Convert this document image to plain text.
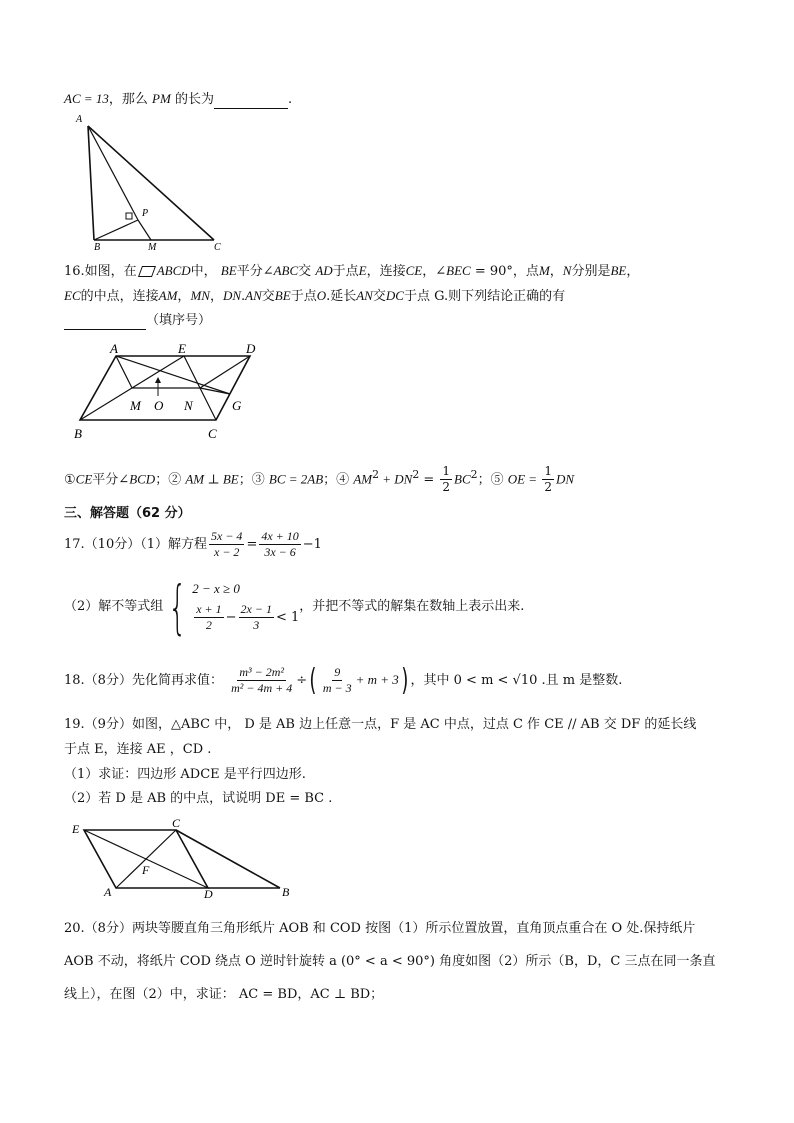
AC = 13，那么 PM 的长为	.
A
P
B	M	C
16.如图，在 ABCD中， BE平分∠ABC交 AD于点E，连接CE，∠BEC = 90°，点M，N分别是BE，
EC的中点，连接AM，MN，DN.AN交BE于点O.延长AN交DC于点 G.则下列结论正确的有
（填序号）
A	E	D
M O N	G
B	C
①CE平分∠BCD；② AM ⊥ BE；③ BC = 2AB；④ $AM^2 + DN^2 = \frac{1}{2} BC^2$；⑤ OE = $\frac{1}{2}$ DN
三、解答题（62 分）
17.（10分）（1）解方程 $\frac{5x - 4}{x - 2} = \frac{4x + 10}{3x - 6} -1$
（2）解不等式组{ 2 − x ≥ 0
$\frac{x + 1}{2} - \frac{2x - 1}{3} < 1$
，并把不等式的解集在数轴上表示出来.
18.（8分）先化简再求值： $\frac{\text{m³ − 2m²}}{\text{m² − 4m + 4}}$ ÷( $\frac{9}{m - 3} + m + 3$) ，其中 0 < m < √10 .且 m 是整数.
19.（9分）如图，△ABC 中， D 是 AB 边上任意一点，F 是 AC 中点，过点 C 作 CE // AB 交 DF 的延长线
于点 E，连接 AE ，CD .
（1）求证：四边形 ADCE 是平行四边形.
（2）若 D 是 AB 的中点，试说明 DE = BC .
E	C
F
A	D	B
20.（8分）两块等腰直角三角形纸片 AOB 和 COD 按图（1）所示位置放置，直角顶点重合在 O 处.保持纸片
AOB 不动，将纸片 COD 绕点 O 逆时针旋转 a (0° < a < 90°) 角度如图（2）所示（B，D，C 三点在同一条直
线上），在图（2）中，求证： AC = BD，AC ⊥ BD；
